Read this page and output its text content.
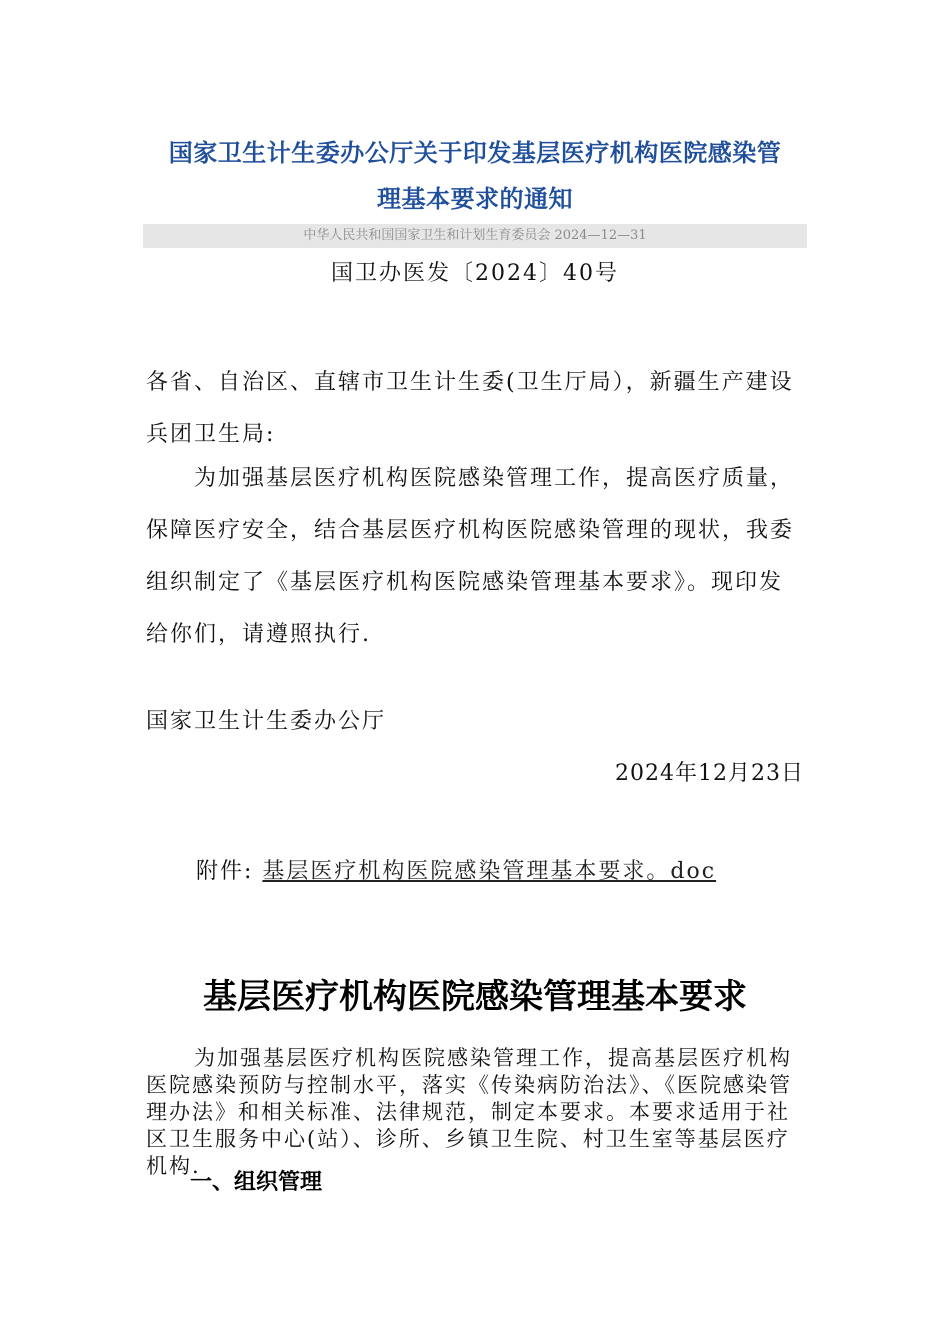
国家卫生计生委办公厅关于印发基层医疗机构医院感染管
理基本要求的通知
中华人民共和国国家卫生和计划生育委员会 2024—12—31
国卫办医发〔2024〕40号
各省、自治区、直辖市卫生计生委(卫生厅局），新疆生产建设兵团卫生局:
为加强基层医疗机构医院感染管理工作，提高医疗质量，保障医疗安全，结合基层医疗机构医院感染管理的现状，我委组织制定了《基层医疗机构医院感染管理基本要求》。现印发给你们，请遵照执行.
国家卫生计生委办公厅
2024年12月23日
附件: 基层医疗机构医院感染管理基本要求。doc
基层医疗机构医院感染管理基本要求
为加强基层医疗机构医院感染管理工作，提高基层医疗机构医院感染预防与控制水平，落实《传染病防治法》、《医院感染管理办法》和相关标准、法律规范，制定本要求。本要求适用于社区卫生服务中心(站）、诊所、乡镇卫生院、村卫生室等基层医疗机构.
一、组织管理
